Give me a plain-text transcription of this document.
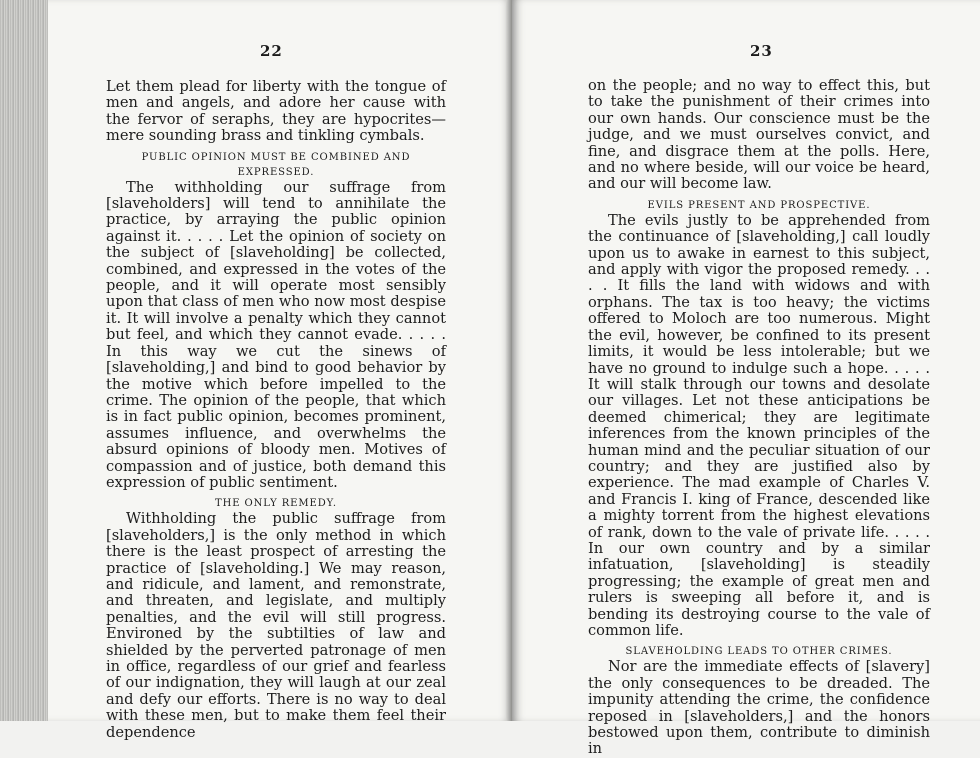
22

Let them plead for liberty with the tongue of men and angels, and adore her cause with the fervor of seraphs, they are hypocrites—mere sounding brass and tinkling cymbals.

PUBLIC OPINION MUST BE COMBINED AND EXPRESSED.

The withholding our suffrage from [slaveholders] will tend to annihilate the practice, by arraying the public opinion against it. . . . . Let the opinion of society on the subject of [slaveholding] be collected, combined, and expressed in the votes of the people, and it will operate most sensibly upon that class of men who now most despise it. It will involve a penalty which they cannot but feel, and which they cannot evade. . . . . In this way we cut the sinews of [slaveholding,] and bind to good behavior by the motive which before impelled to the crime. The opinion of the people, that which is in fact public opinion, becomes prominent, assumes influence, and overwhelms the absurd opinions of bloody men. Motives of compassion and of justice, both demand this expression of public sentiment.

THE ONLY REMEDY.

Withholding the public suffrage from [slaveholders,] is the only method in which there is the least prospect of arresting the practice of [slaveholding.] We may reason, and ridicule, and lament, and remonstrate, and threaten, and legislate, and multiply penalties, and the evil will still progress. Environed by the subtilties of law and shielded by the perverted patronage of men in office, regardless of our grief and fearless of our indignation, they will laugh at our zeal and defy our efforts. There is no way to deal with these men, but to make them feel their dependence

23

on the people; and no way to effect this, but to take the punishment of their crimes into our own hands. Our conscience must be the judge, and we must ourselves convict, and fine, and disgrace them at the polls. Here, and no where beside, will our voice be heard, and our will become law.

EVILS PRESENT AND PROSPECTIVE.

The evils justly to be apprehended from the continuance of [slaveholding,] call loudly upon us to awake in earnest to this subject, and apply with vigor the proposed remedy. . . . . It fills the land with widows and with orphans. The tax is too heavy; the victims offered to Moloch are too numerous. Might the evil, however, be confined to its present limits, it would be less intolerable; but we have no ground to indulge such a hope. . . . . It will stalk through our towns and desolate our villages. Let not these anticipations be deemed chimerical; they are legitimate inferences from the known principles of the human mind and the peculiar situation of our country; and they are justified also by experience. The mad example of Charles V. and Francis I. king of France, descended like a mighty torrent from the highest elevations of rank, down to the vale of private life. . . . . In our own country and by a similar infatuation, [slaveholding] is steadily progressing; the example of great men and rulers is sweeping all before it, and is bending its destroying course to the vale of common life.

SLAVEHOLDING LEADS TO OTHER CRIMES.

Nor are the immediate effects of [slavery] the only consequences to be dreaded. The impunity attending the crime, the confidence reposed in [slaveholders,] and the honors bestowed upon them, contribute to diminish in
